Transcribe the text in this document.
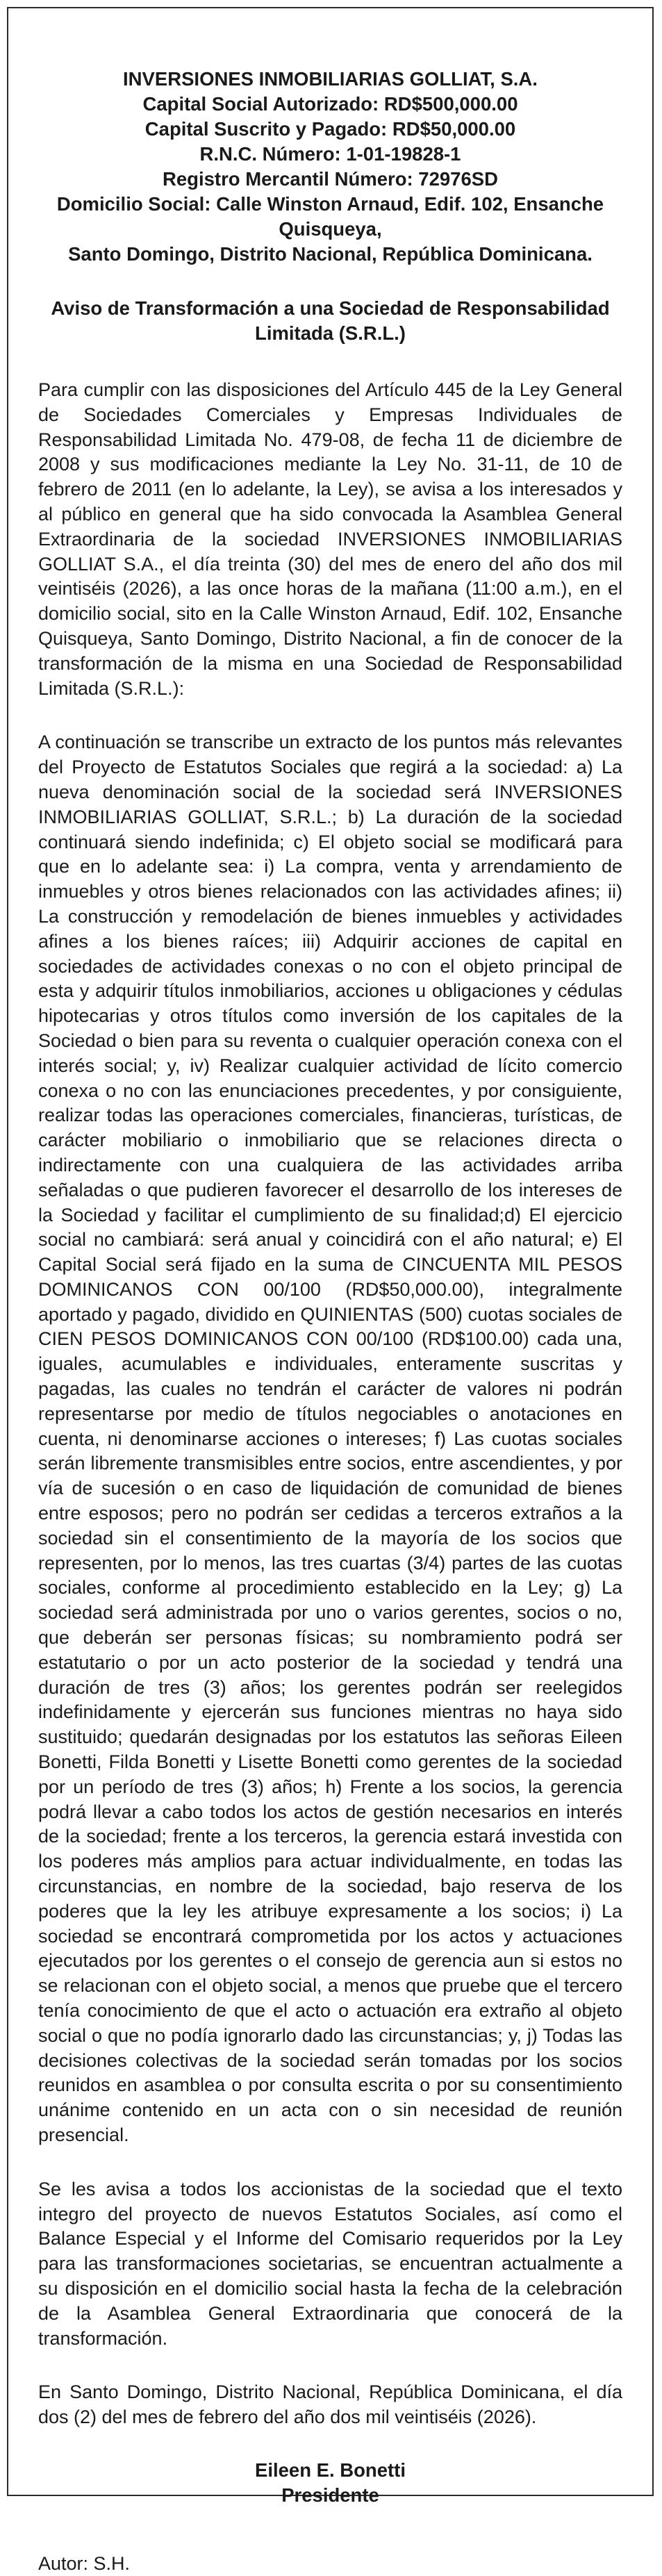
INVERSIONES INMOBILIARIAS GOLLIAT, S.A.
Capital Social Autorizado: RD$500,000.00
Capital Suscrito y Pagado: RD$50,000.00
R.N.C. Número: 1-01-19828-1
Registro Mercantil Número: 72976SD
Domicilio Social: Calle Winston Arnaud, Edif. 102, Ensanche
Quisqueya,
Santo Domingo, Distrito Nacional, República Dominicana.
Aviso de Transformación a una Sociedad de Responsabilidad
Limitada (S.R.L.)

Para cumplir con las disposiciones del Artículo 445 de la Ley General de Sociedades Comerciales y Empresas Individuales de Responsabilidad Limitada No. 479-08, de fecha 11 de diciembre de 2008 y sus modificaciones mediante la Ley No. 31-11, de 10 de febrero de 2011 (en lo adelante, la Ley), se avisa a los interesados y al público en general que ha sido convocada la Asamblea General Extraordinaria de la sociedad INVERSIONES INMOBILIARIAS GOLLIAT S.A., el día treinta (30) del mes de enero del año dos mil veintiséis (2026), a las once horas de la mañana (11:00 a.m.), en el domicilio social, sito en la Calle Winston Arnaud, Edif. 102, Ensanche Quisqueya, Santo Domingo, Distrito Nacional, a fin de conocer de la transformación de la misma en una Sociedad de Responsabilidad Limitada (S.R.L.):

A continuación se transcribe un extracto de los puntos más relevantes del Proyecto de Estatutos Sociales que regirá a la sociedad: a) La nueva denominación social de la sociedad será INVERSIONES INMOBILIARIAS GOLLIAT, S.R.L.; b) La duración de la sociedad continuará siendo indefinida; c) El objeto social se modificará para que en lo adelante sea: i) La compra, venta y arrendamiento de inmuebles y otros bienes relacionados con las actividades afines; ii) La construcción y remodelación de bienes inmuebles y actividades afines a los bienes raíces; iii) Adquirir acciones de capital en sociedades de actividades conexas o no con el objeto principal de esta y adquirir títulos inmobiliarios, acciones u obligaciones y cédulas hipotecarias y otros títulos como inversión de los capitales de la Sociedad o bien para su reventa o cualquier operación conexa con el interés social; y, iv) Realizar cualquier actividad de lícito comercio conexa o no con las enunciaciones precedentes, y por consiguiente, realizar todas las operaciones comerciales, financieras, turísticas, de carácter mobiliario o inmobiliario que se relaciones directa o indirectamente con una cualquiera de las actividades arriba señaladas o que pudieren favorecer el desarrollo de los intereses de la Sociedad y facilitar el cumplimiento de su finalidad;d) El ejercicio social no cambiará: será anual y coincidirá con el año natural; e) El Capital Social será fijado en la suma de CINCUENTA MIL PESOS DOMINICANOS CON 00/100 (RD$50,000.00), integralmente aportado y pagado, dividido en QUINIENTAS (500) cuotas sociales de CIEN PESOS DOMINICANOS CON 00/100 (RD$100.00) cada una, iguales, acumulables e individuales, enteramente suscritas y pagadas, las cuales no tendrán el carácter de valores ni podrán representarse por medio de títulos negociables o anotaciones en cuenta, ni denominarse acciones o intereses; f) Las cuotas sociales serán libremente transmisibles entre socios, entre ascendientes, y por vía de sucesión o en caso de liquidación de comunidad de bienes entre esposos; pero no podrán ser cedidas a terceros extraños a la sociedad sin el consentimiento de la mayoría de los socios que representen, por lo menos, las tres cuartas (3/4) partes de las cuotas sociales, conforme al procedimiento establecido en la Ley; g) La sociedad será administrada por uno o varios gerentes, socios o no, que deberán ser personas físicas; su nombramiento podrá ser estatutario o por un acto posterior de la sociedad y tendrá una duración de tres (3) años; los gerentes podrán ser reelegidos indefinidamente y ejercerán sus funciones mientras no haya sido sustituido; quedarán designadas por los estatutos las señoras Eileen Bonetti, Filda Bonetti y Lisette Bonetti como gerentes de la sociedad por un período de tres (3) años; h) Frente a los socios, la gerencia podrá llevar a cabo todos los actos de gestión necesarios en interés de la sociedad; frente a los terceros, la gerencia estará investida con los poderes más amplios para actuar individualmente, en todas las circunstancias, en nombre de la sociedad, bajo reserva de los poderes que la ley les atribuye expresamente a los socios; i) La sociedad se encontrará comprometida por los actos y actuaciones ejecutados por los gerentes o el consejo de gerencia aun si estos no se relacionan con el objeto social, a menos que pruebe que el tercero tenía conocimiento de que el acto o actuación era extraño al objeto social o que no podía ignorarlo dado las circunstancias; y, j) Todas las decisiones colectivas de la sociedad serán tomadas por los socios reunidos en asamblea o por consulta escrita o por su consentimiento unánime contenido en un acta con o sin necesidad de reunión presencial.

Se les avisa a todos los accionistas de la sociedad que el texto integro del proyecto de nuevos Estatutos Sociales, así como el Balance Especial y el Informe del Comisario requeridos por la Ley para las transformaciones societarias, se encuentran actualmente a su disposición en el domicilio social hasta la fecha de la celebración de la Asamblea General Extraordinaria que conocerá de la transformación.

En Santo Domingo, Distrito Nacional, República Dominicana, el día dos (2) del mes de febrero del año dos mil veintiséis (2026).

Eileen E. Bonetti
Presidente
Autor: S.H.
